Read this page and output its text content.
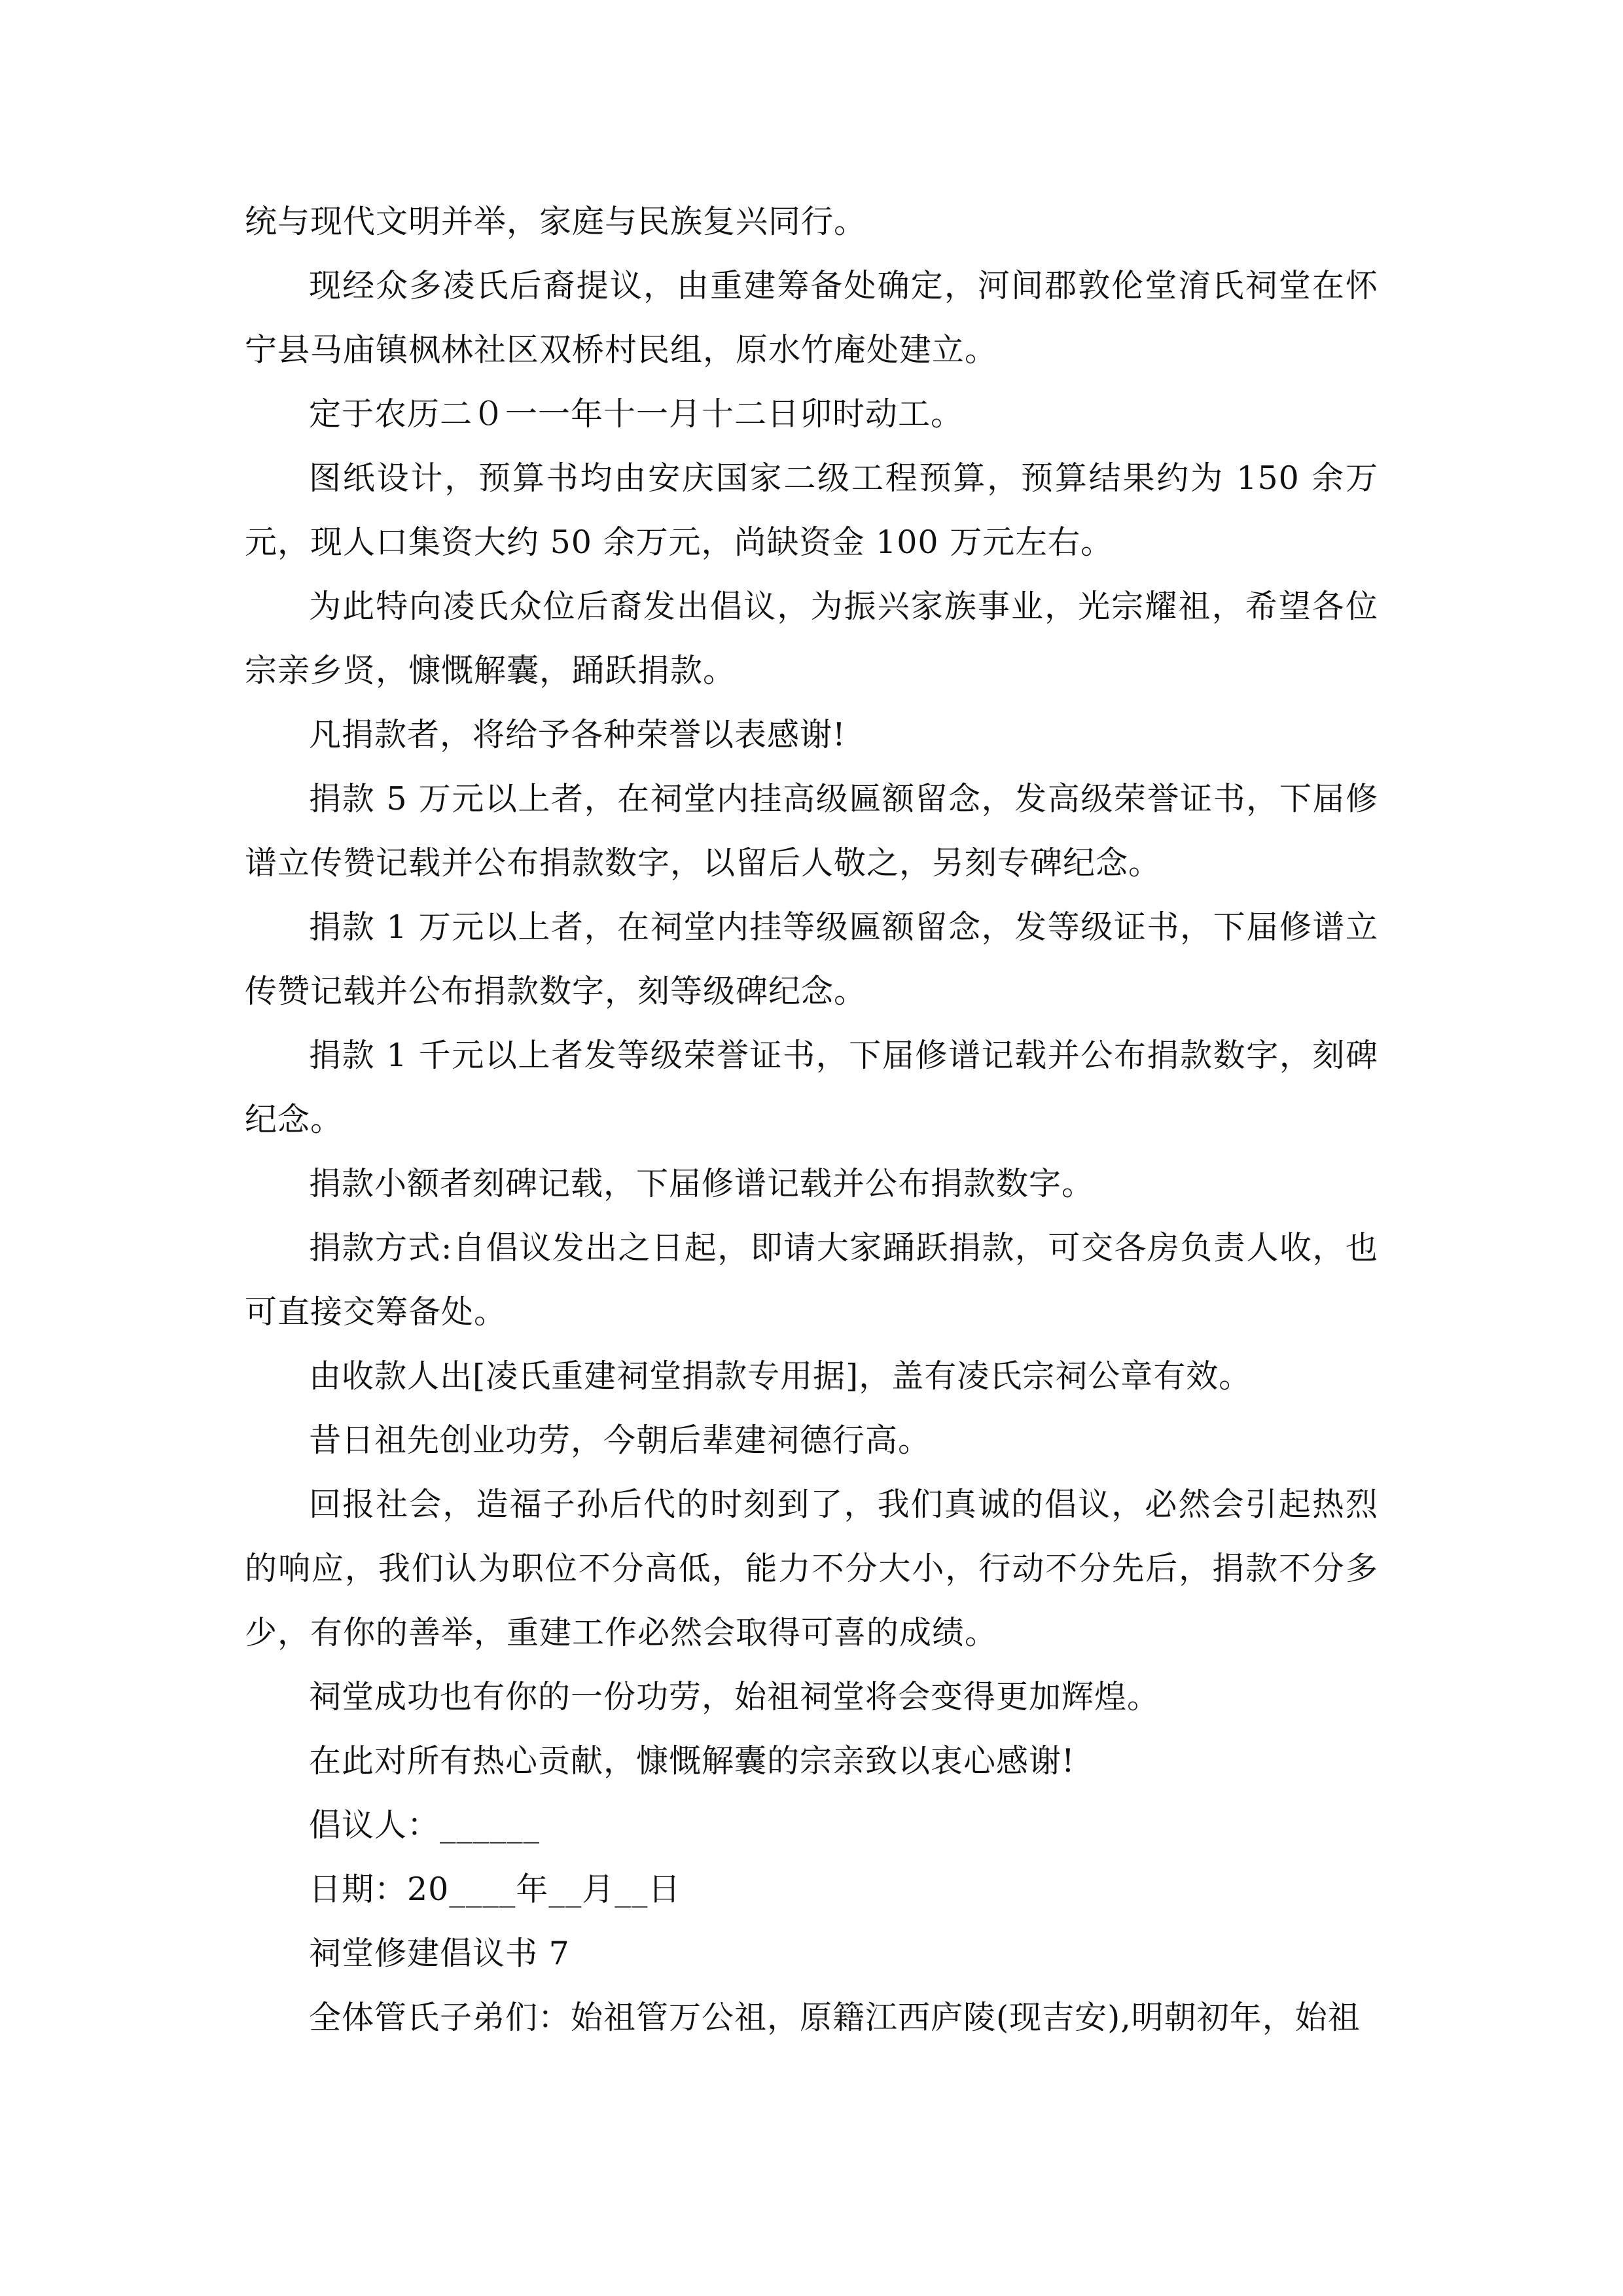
统与现代文明并举，家庭与民族复兴同行。

现经众多凌氏后裔提议，由重建筹备处确定，河间郡敦伦堂淯氏祠堂在怀宁县马庙镇枫林社区双桥村民组，原水竹庵处建立。

定于农历二０一一年十一月十二日卯时动工。

图纸设计，预算书均由安庆国家二级工程预算，预算结果约为 150 余万元，现人口集资大约 50 余万元，尚缺资金 100 万元左右。

为此特向凌氏众位后裔发出倡议，为振兴家族事业，光宗耀祖，希望各位宗亲乡贤，慷慨解囊，踊跃捐款。

凡捐款者，将给予各种荣誉以表感谢!

捐款 5 万元以上者，在祠堂内挂高级匾额留念，发高级荣誉证书，下届修谱立传赞记载并公布捐款数字，以留后人敬之，另刻专碑纪念。

捐款 1 万元以上者，在祠堂内挂等级匾额留念，发等级证书，下届修谱立传赞记载并公布捐款数字，刻等级碑纪念。

捐款 1 千元以上者发等级荣誉证书，下届修谱记载并公布捐款数字，刻碑纪念。

捐款小额者刻碑记载，下届修谱记载并公布捐款数字。

捐款方式:自倡议发出之日起，即请大家踊跃捐款，可交各房负责人收，也可直接交筹备处。

由收款人出[凌氏重建祠堂捐款专用据]，盖有凌氏宗祠公章有效。

昔日祖先创业功劳，今朝后辈建祠德行高。

回报社会，造福子孙后代的时刻到了，我们真诚的倡议，必然会引起热烈的响应，我们认为职位不分高低，能力不分大小，行动不分先后，捐款不分多少，有你的善举，重建工作必然会取得可喜的成绩。

祠堂成功也有你的一份功劳，始祖祠堂将会变得更加辉煌。

在此对所有热心贡献，慷慨解囊的宗亲致以衷心感谢!

倡议人：______

日期：20____年__月__日

祠堂修建倡议书 7

全体管氏子弟们：始祖管万公祖，原籍江西庐陵(现吉安),明朝初年，始祖
